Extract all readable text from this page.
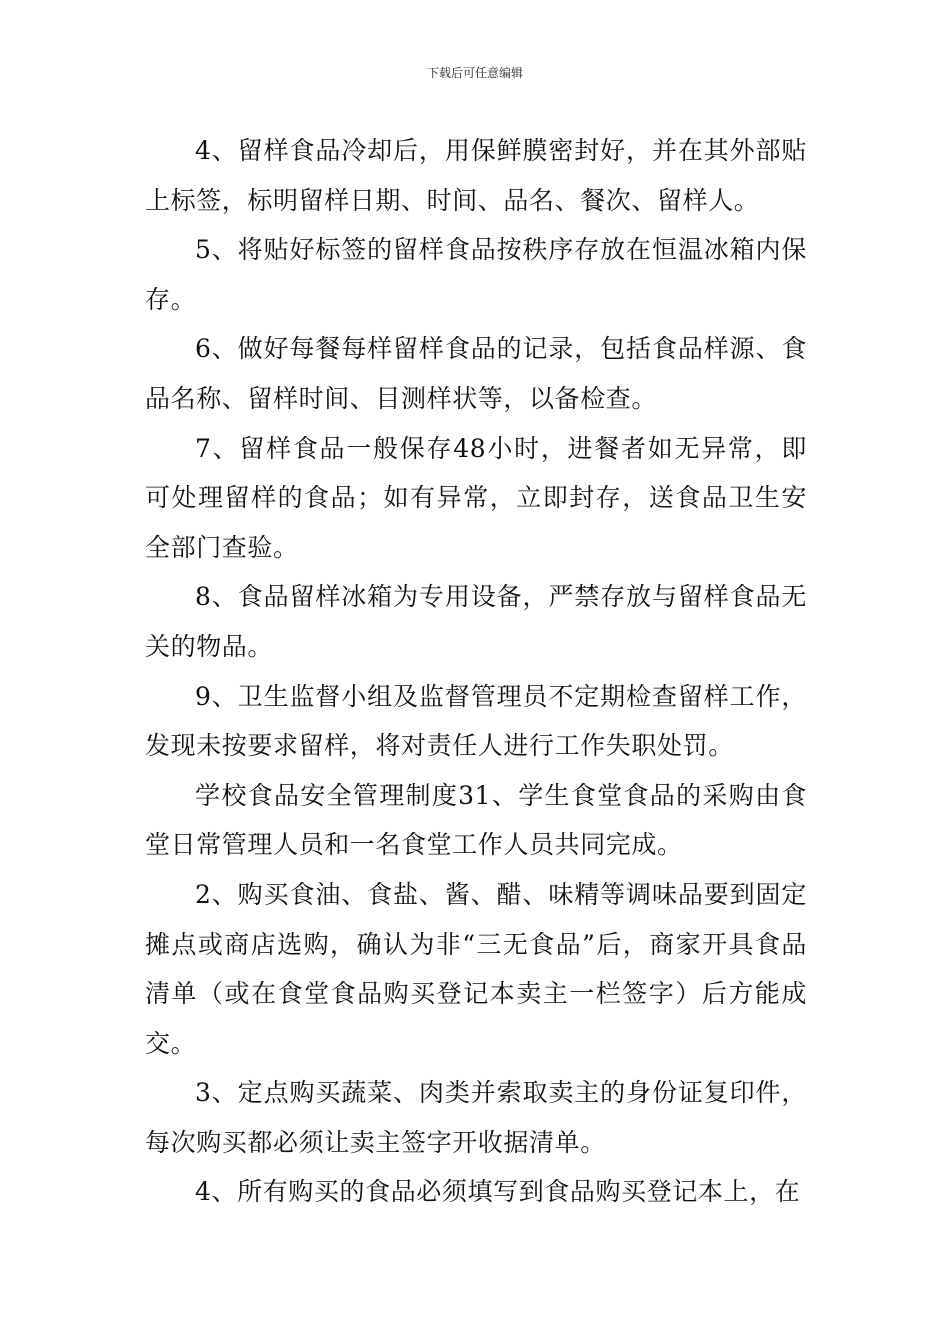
下载后可任意编辑

4、留样食品冷却后，用保鲜膜密封好，并在其外部贴上标签，标明留样日期、时间、品名、餐次、留样人。

5、将贴好标签的留样食品按秩序存放在恒温冰箱内保存。

6、做好每餐每样留样食品的记录，包括食品样源、食品名称、留样时间、目测样状等，以备检查。

7、留样食品一般保存48小时，进餐者如无异常，即可处理留样的食品；如有异常，立即封存，送食品卫生安全部门查验。

8、食品留样冰箱为专用设备，严禁存放与留样食品无关的物品。

9、卫生监督小组及监督管理员不定期检查留样工作，发现未按要求留样，将对责任人进行工作失职处罚。

学校食品安全管理制度31、学生食堂食品的采购由食堂日常管理人员和一名食堂工作人员共同完成。

2、购买食油、食盐、酱、醋、味精等调味品要到固定摊点或商店选购，确认为非“三无食品”后，商家开具食品清单（或在食堂食品购买登记本卖主一栏签字）后方能成交。

3、定点购买蔬菜、肉类并索取卖主的身份证复印件，每次购买都必须让卖主签字开收据清单。

4、所有购买的食品必须填写到食品购买登记本上，在
